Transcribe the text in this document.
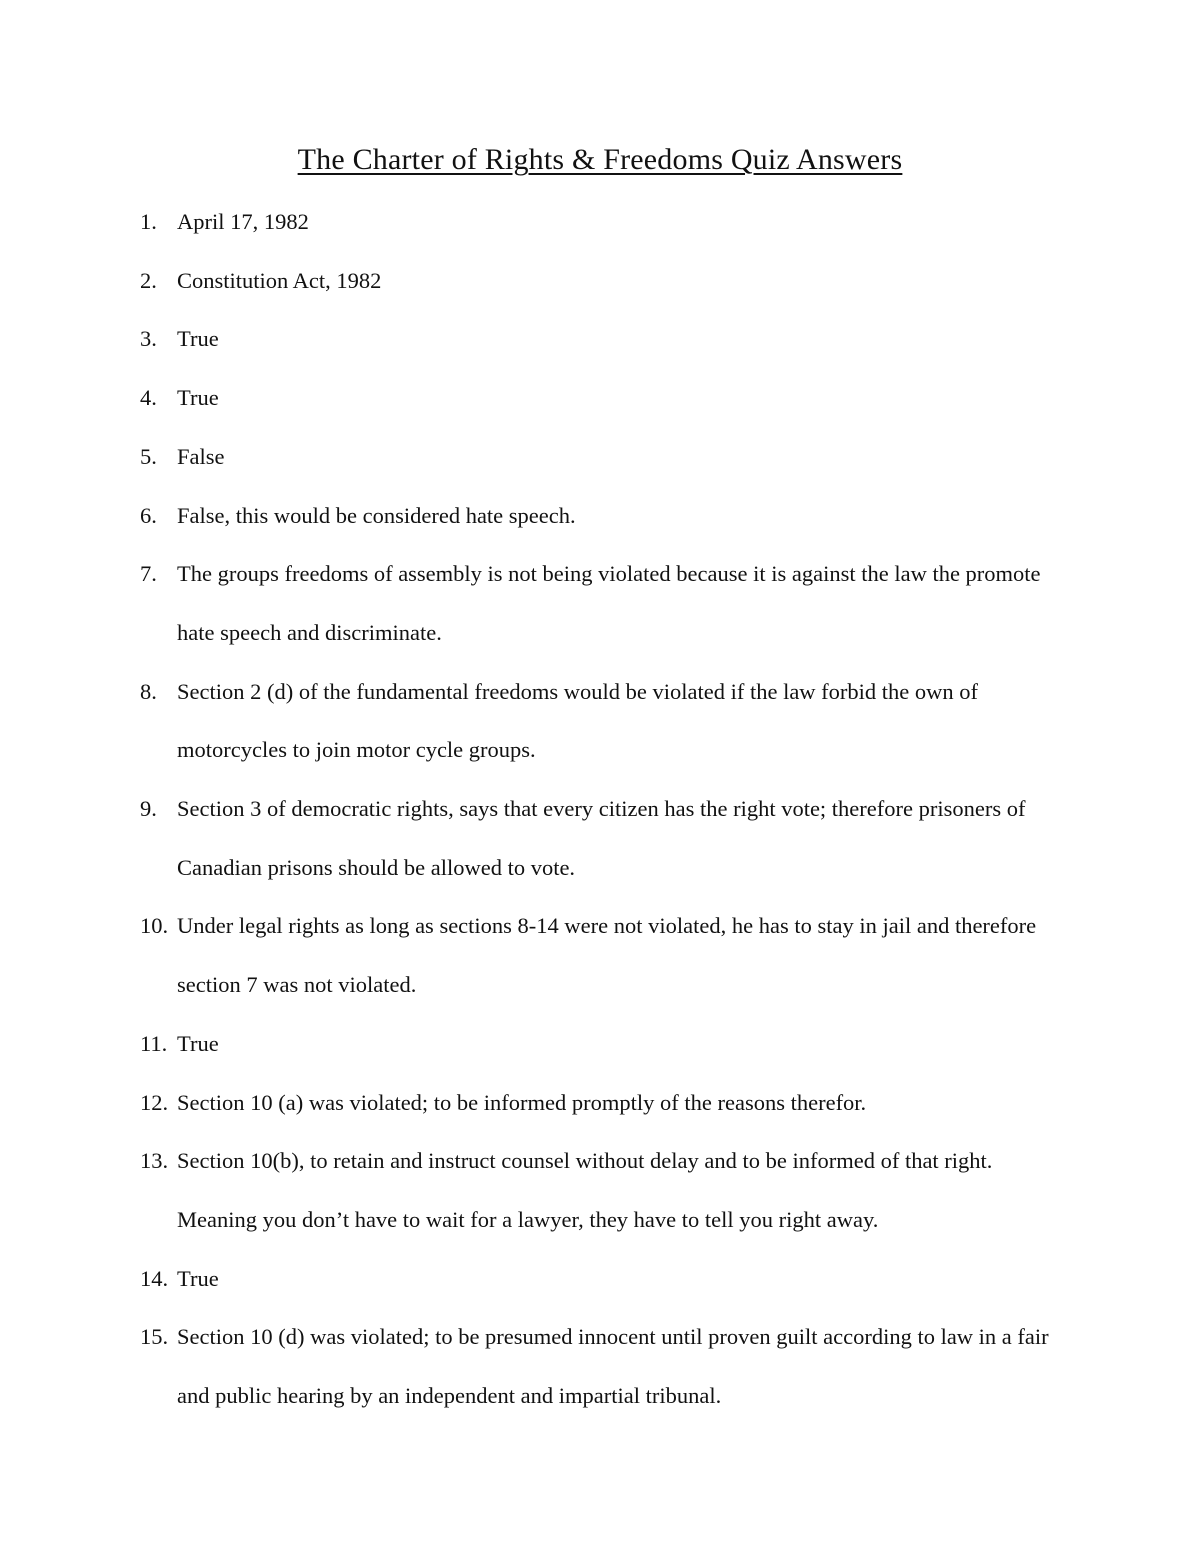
The Charter of Rights & Freedoms Quiz Answers
1. April 17, 1982
2. Constitution Act, 1982
3. True
4. True
5. False
6. False, this would be considered hate speech.
7. The groups freedoms of assembly is not being violated because it is against the law the promote hate speech and discriminate.
8. Section 2 (d) of the fundamental freedoms would be violated if the law forbid the own of motorcycles to join motor cycle groups.
9. Section 3 of democratic rights, says that every citizen has the right vote; therefore prisoners of Canadian prisons should be allowed to vote.
10. Under legal rights as long as sections 8-14 were not violated, he has to stay in jail and therefore section 7 was not violated.
11. True
12. Section 10 (a) was violated; to be informed promptly of the reasons therefor.
13. Section 10(b), to retain and instruct counsel without delay and to be informed of that right. Meaning you don’t have to wait for a lawyer, they have to tell you right away.
14. True
15. Section 10 (d) was violated; to be presumed innocent until proven guilt according to law in a fair and public hearing by an independent and impartial tribunal.
